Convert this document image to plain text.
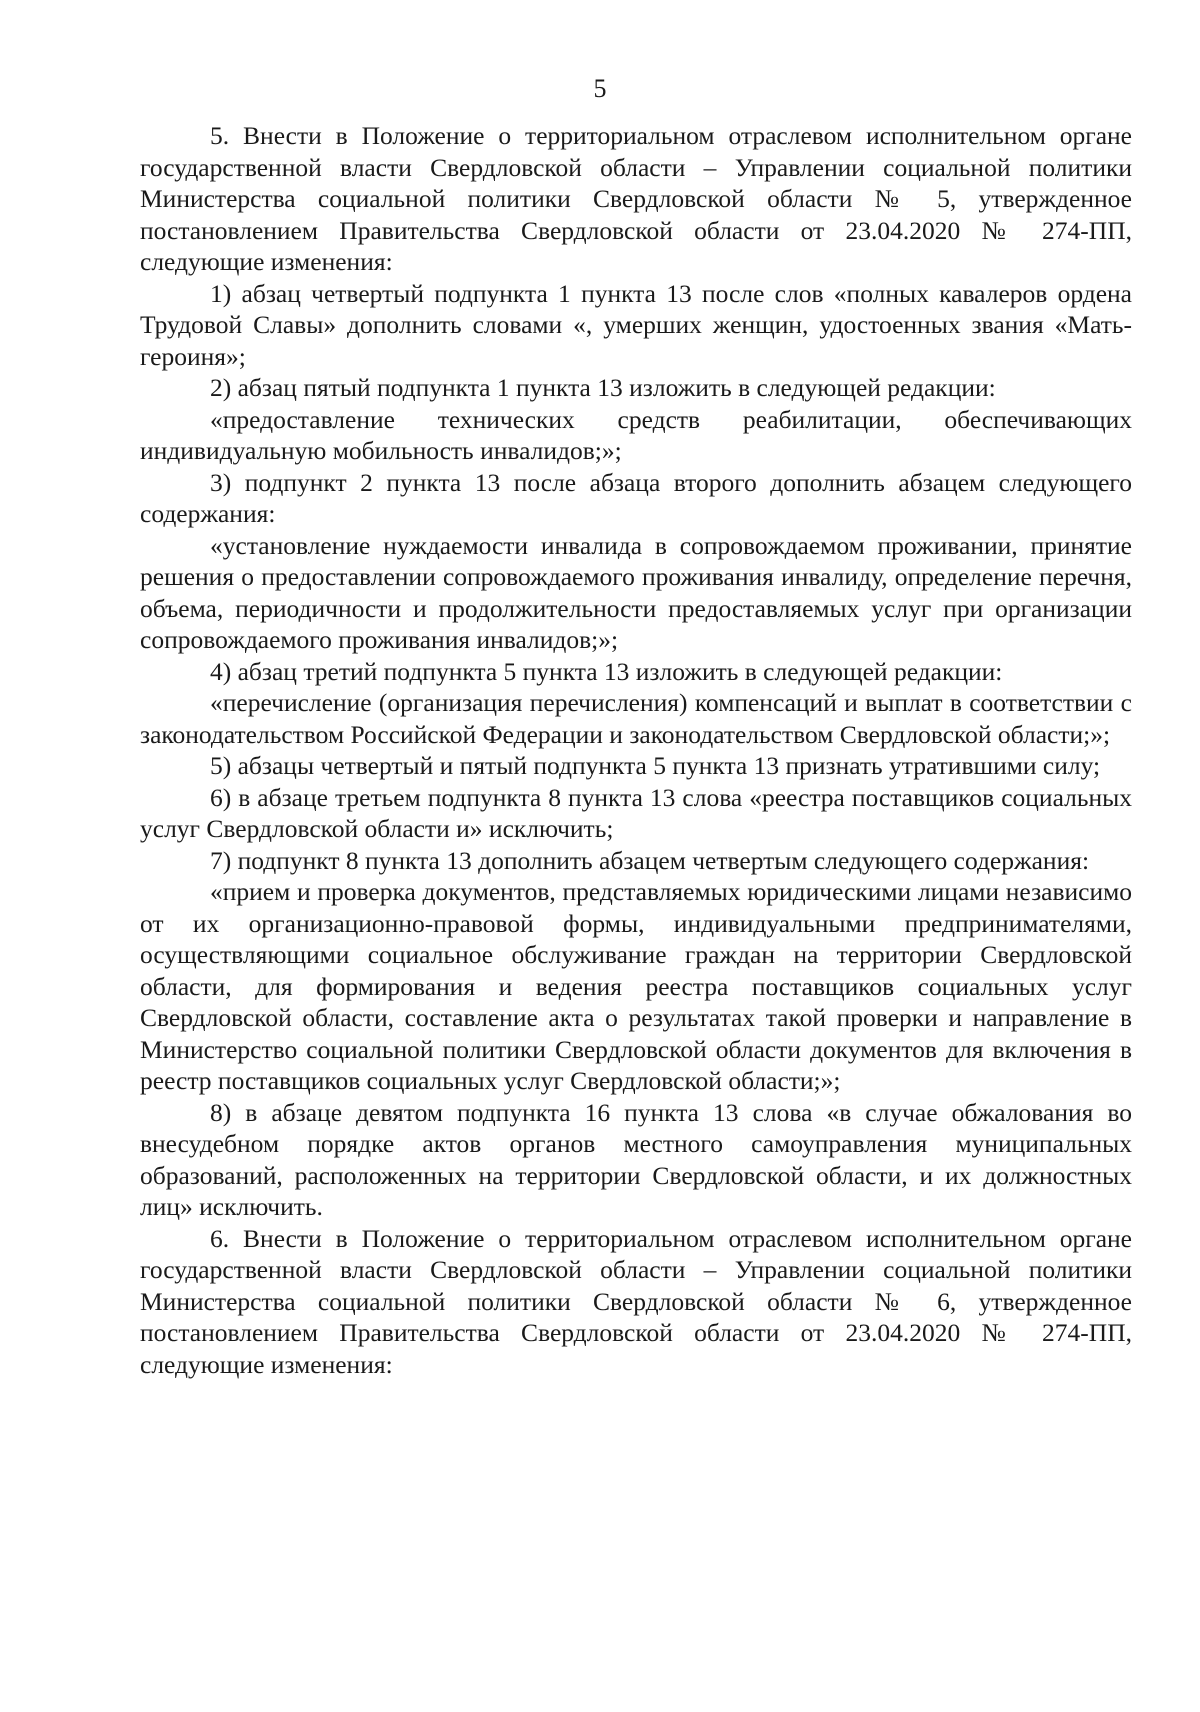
5

5. Внести в Положение о территориальном отраслевом исполнительном органе государственной власти Свердловской области – Управлении социальной политики Министерства социальной политики Свердловской области № 5, утвержденное постановлением Правительства Свердловской области от 23.04.2020 № 274-ПП, следующие изменения:

1) абзац четвертый подпункта 1 пункта 13 после слов «полных кавалеров ордена Трудовой Славы» дополнить словами «, умерших женщин, удостоенных звания «Мать-героиня»;

2) абзац пятый подпункта 1 пункта 13 изложить в следующей редакции:

«предоставление технических средств реабилитации, обеспечивающих индивидуальную мобильность инвалидов;»;

3) подпункт 2 пункта 13 после абзаца второго дополнить абзацем следующего содержания:

«установление нуждаемости инвалида в сопровождаемом проживании, принятие решения о предоставлении сопровождаемого проживания инвалиду, определение перечня, объема, периодичности и продолжительности предоставляемых услуг при организации сопровождаемого проживания инвалидов;»;

4) абзац третий подпункта 5 пункта 13 изложить в следующей редакции:

«перечисление (организация перечисления) компенсаций и выплат в соответствии с законодательством Российской Федерации и законодательством Свердловской области;»;

5) абзацы четвертый и пятый подпункта 5 пункта 13 признать утратившими силу;

6) в абзаце третьем подпункта 8 пункта 13 слова «реестра поставщиков социальных услуг Свердловской области и» исключить;

7) подпункт 8 пункта 13 дополнить абзацем четвертым следующего содержания:

«прием и проверка документов, представляемых юридическими лицами независимо от их организационно-правовой формы, индивидуальными предпринимателями, осуществляющими социальное обслуживание граждан на территории Свердловской области, для формирования и ведения реестра поставщиков социальных услуг Свердловской области, составление акта о результатах такой проверки и направление в Министерство социальной политики Свердловской области документов для включения в реестр поставщиков социальных услуг Свердловской области;»;

8) в абзаце девятом подпункта 16 пункта 13 слова «в случае обжалования во внесудебном порядке актов органов местного самоуправления муниципальных образований, расположенных на территории Свердловской области, и их должностных лиц» исключить.

6. Внести в Положение о территориальном отраслевом исполнительном органе государственной власти Свердловской области – Управлении социальной политики Министерства социальной политики Свердловской области № 6, утвержденное постановлением Правительства Свердловской области от 23.04.2020 № 274-ПП, следующие изменения:
